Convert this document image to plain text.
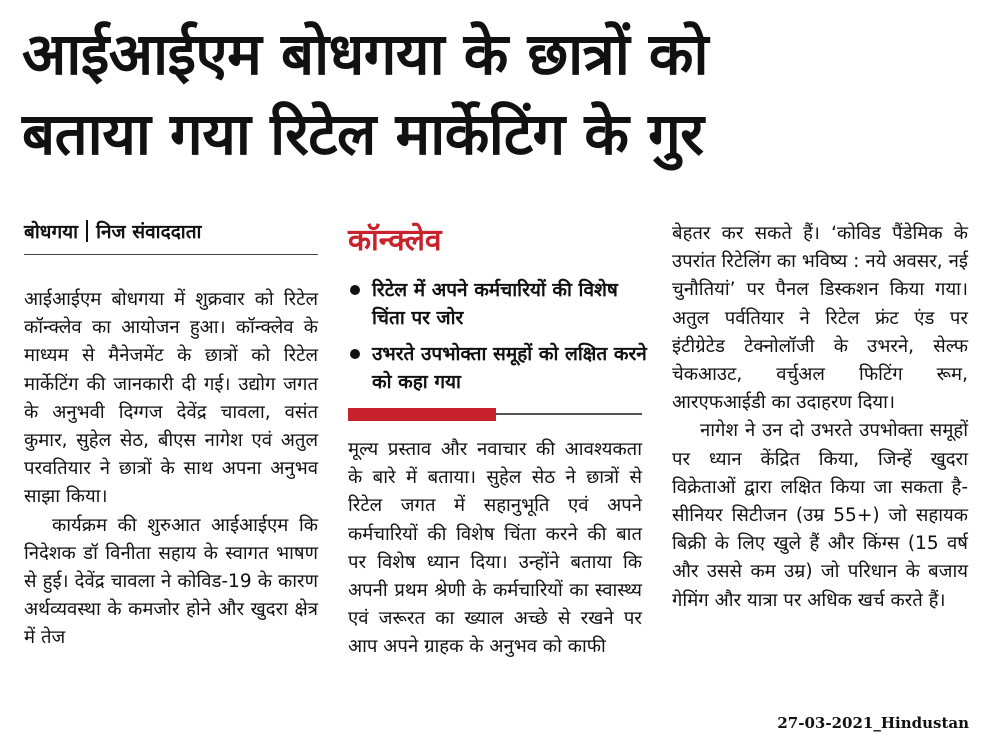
आईआईएम बोधगया के छात्रों को
बताया गया रिटेल मार्केटिंग के गुर
बोधगया निज संवाददाता

आईआईएम बोधगया में शुक्रवार को रिटेल कॉन्क्लेव का आयोजन हुआ। कॉन्क्लेव के माध्यम से मैनेजमेंट के छात्रों को रिटेल मार्केटिंग की जानकारी दी गई। उद्योग जगत के अनुभवी दिग्गज देवेंद्र चावला, वसंत कुमार, सुहेल सेठ, बीएस नागेश एवं अतुल परवतियार ने छात्रों के साथ अपना अनुभव साझा किया।

कार्यक्रम की शुरुआत आईआईएम कि निदेशक डॉ विनीता सहाय के स्वागत भाषण से हुई। देवेंद्र चावला ने कोविड-19 के कारण अर्थव्यवस्था के कमजोर होने और खुदरा क्षेत्र में तेज

कॉन्क्लेव
रिटेल में अपने कर्मचारियों की विशेष चिंता पर जोर
उभरते उपभोक्ता समूहों को लक्षित करने को कहा गया

मूल्य प्रस्ताव और नवाचार की आवश्यकता के बारे में बताया। सुहेल सेठ ने छात्रों से रिटेल जगत में सहानुभूति एवं अपने कर्मचारियों की विशेष चिंता करने की बात पर विशेष ध्यान दिया। उन्होंने बताया कि अपनी प्रथम श्रेणी के कर्मचारियों का स्वास्थ्य एवं जरूरत का ख्याल अच्छे से रखने पर आप अपने ग्राहक के अनुभव को काफी

बेहतर कर सकते हैं। ‘कोविड पैंडेमिक के उपरांत रिटेलिंग का भविष्य : नये अवसर, नई चुनौतियां’ पर पैनल डिस्कशन किया गया। अतुल पर्वतियार ने रिटेल फ्रंट एंड पर इंटीग्रेटेड टेक्नोलॉजी के उभरने, सेल्फ चेकआउट, वर्चुअल फिटिंग रूम, आरएफआईडी का उदाहरण दिया।

नागेश ने उन दो उभरते उपभोक्ता समूहों पर ध्यान केंद्रित किया, जिन्हें खुदरा विक्रेताओं द्वारा लक्षित किया जा सकता है- सीनियर सिटीजन (उम्र 55+) जो सहायक बिक्री के लिए खुले हैं और किंग्स (15 वर्ष और उससे कम उम्र) जो परिधान के बजाय गेमिंग और यात्रा पर अधिक खर्च करते हैं।

27-03-2021_Hindustan
